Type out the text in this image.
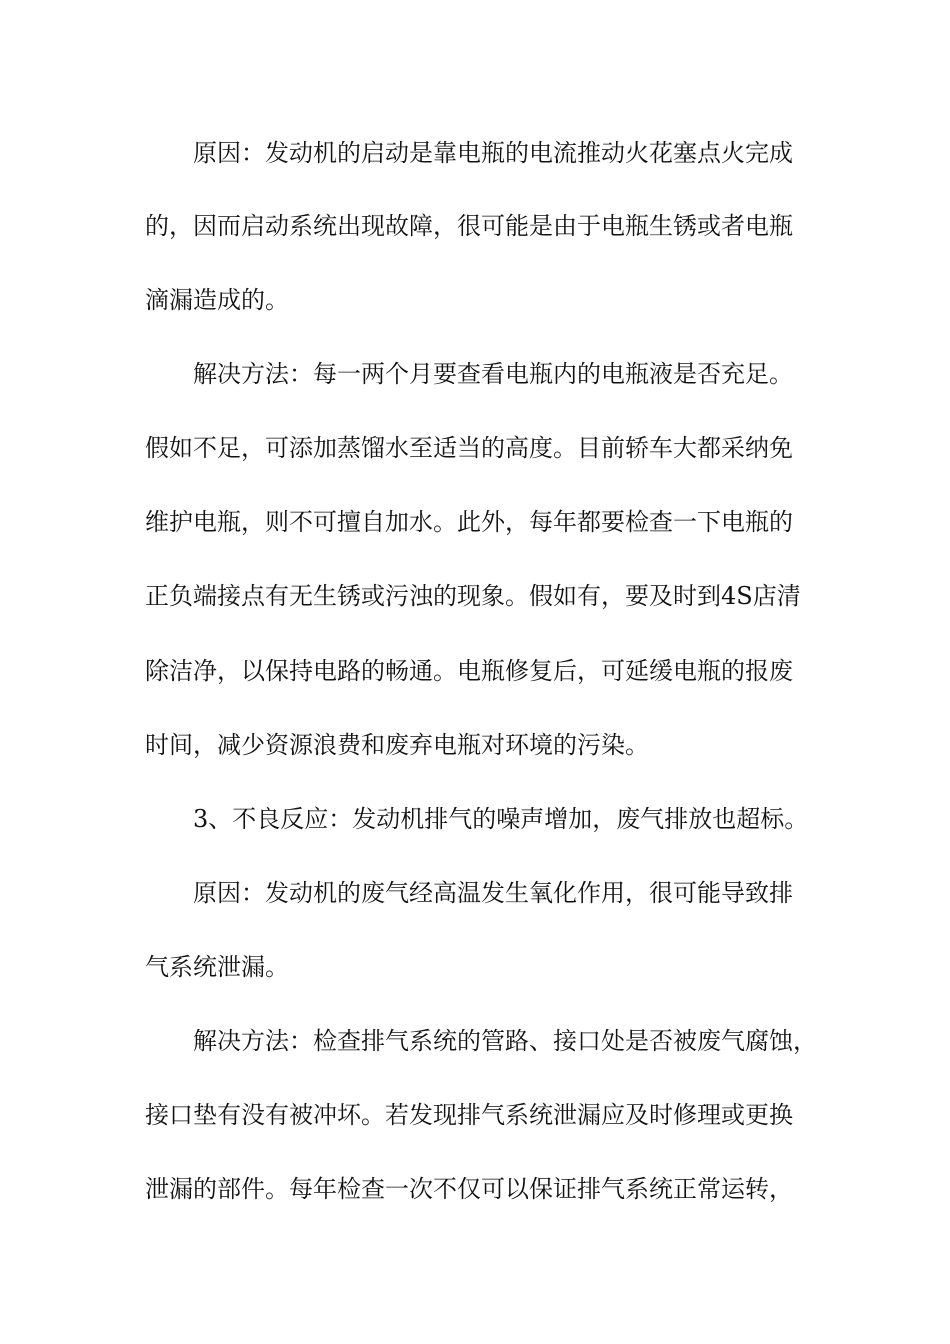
原因：发动机的启动是靠电瓶的电流推动火花塞点火完成
的，因而启动系统出现故障，很可能是由于电瓶生锈或者电瓶
滴漏造成的。
解决方法：每一两个月要查看电瓶内的电瓶液是否充足。
假如不足，可添加蒸馏水至适当的高度。目前轿车大都采纳免
维护电瓶，则不可擅自加水。此外，每年都要检查一下电瓶的
正负端接点有无生锈或污浊的现象。假如有，要及时到4S店清
除洁净，以保持电路的畅通。电瓶修复后，可延缓电瓶的报废
时间，减少资源浪费和废弃电瓶对环境的污染。
3、不良反应：发动机排气的噪声增加，废气排放也超标。
原因：发动机的废气经高温发生氧化作用，很可能导致排
气系统泄漏。
解决方法：检查排气系统的管路、接口处是否被废气腐蚀，
接口垫有没有被冲坏。若发现排气系统泄漏应及时修理或更换
泄漏的部件。每年检查一次不仅可以保证排气系统正常运转，
